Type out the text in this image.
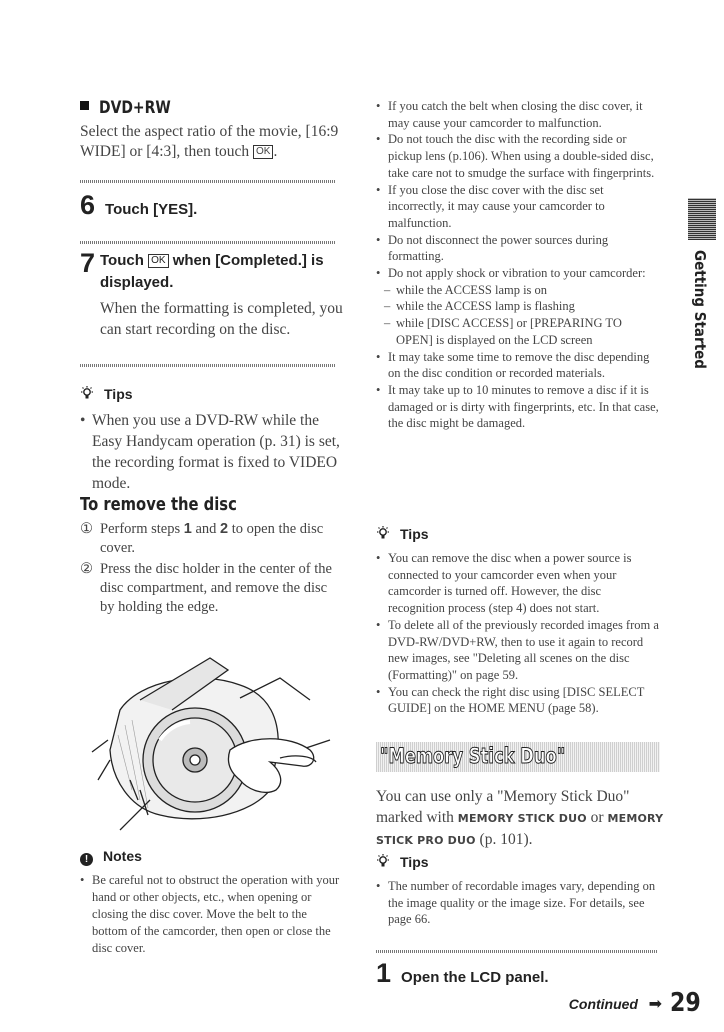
DVD+RW

Select the aspect ratio of the movie, [16:9 WIDE] or [4:3], then touch OK .

6 Touch [YES].
7 Touch OK when [Completed.] is displayed.

When the formatting is completed, you can start recording on the disc.

Tips
• When you use a DVD-RW while the Easy Handycam operation (p. 31) is set, the recording format is fixed to VIDEO mode.
To remove the disc
① Perform steps 1 and 2 to open the disc cover.
② Press the disc holder in the center of the disc compartment, and remove the disc by holding the edge.
! Notes
• Be careful not to obstruct the operation with your hand or other objects, etc., when opening or closing the disc cover. Move the belt to the bottom of the camcorder, then open or close the disc cover.
• If you catch the belt when closing the disc cover, it may cause your camcorder to malfunction.
• Do not touch the disc with the recording side or pickup lens (p.106). When using a double-sided disc, take care not to smudge the surface with fingerprints.
• If you close the disc cover with the disc set incorrectly, it may cause your camcorder to malfunction.
• Do not disconnect the power sources during formatting.
• Do not apply shock or vibration to your camcorder:
– while the ACCESS lamp is on
– while the ACCESS lamp is flashing
– while [DISC ACCESS] or [PREPARING TO OPEN] is displayed on the LCD screen
• It may take some time to remove the disc depending on the disc condition or recorded materials.
• It may take up to 10 minutes to remove a disc if it is damaged or is dirty with fingerprints, etc. In that case, the disc might be damaged.
Tips
• You can remove the disc when a power source is connected to your camcorder even when your camcorder is turned off. However, the disc recognition process (step 4) does not start.
• To delete all of the previously recorded images from a DVD-RW/DVD+RW, then to use it again to record new images, see "Deleting all scenes on the disc (Formatting)" on page 59.
• You can check the right disc using [DISC SELECT GUIDE] on the HOME MENU (page 58).
"Memory Stick Duo"

You can use only a "Memory Stick Duo" marked with MEMORY STICK DUO or MEMORY STICK PRO DUO (p. 101).

Tips
• The number of recordable images vary, depending on the image quality or the image size. For details, see page 66.
1 Open the LCD panel.
Getting Started
Continued ➡ 29
